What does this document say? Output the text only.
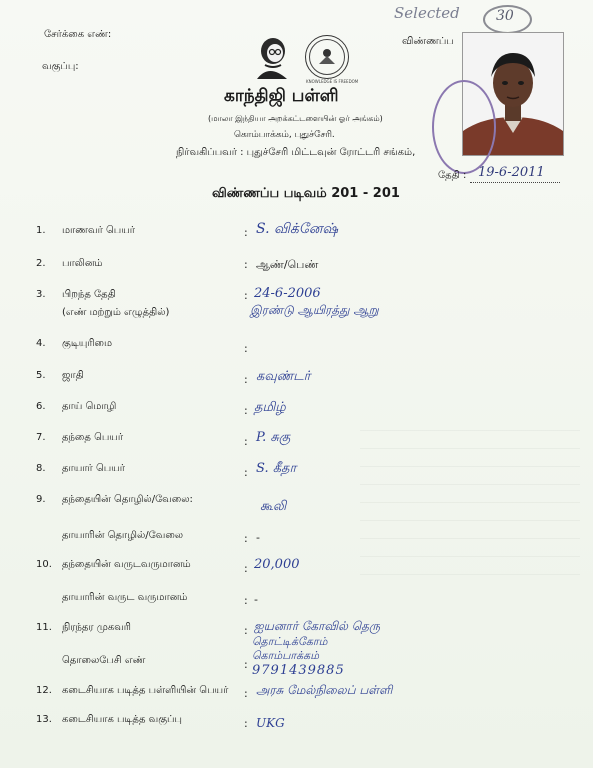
சேர்க்கை எண்:
வகுப்பு:
Selected	30
விண்ணப்ப
KNOWLEDGE IS FREEDOM
காந்திஜி பள்ளி
(மாலா இந்தியா அறக்கட்டளையின் ஓர் அங்கம்)
கொம்பாக்கம், புதுச்சேரி.
நிர்வகிப்பவர் : புதுச்சேரி மிட்டவுன் ரோட்டரி சங்கம்,
தேதி : 19-6-2011
விண்ணப்ப படிவம் 201 - 201
1. மாணவர் பெயர்	: S. விக்னேஷ்
2. பாலினம்	: ஆண்/பெண்
3. பிறந்த தேதி
(எண் மற்றும் எழுத்தில்)
: 24-6-2006
இரண்டு ஆயிரத்து ஆறு
4. குடியுரிமை	:
5. ஜாதி	: கவுண்டர்
6. தாய் மொழி	: தமிழ்
7. தந்தை பெயர்	: P. சுகு
8. தாயார் பெயர்	: S. கீதா
9. தந்தையின் தொழில்/வேலை:	கூலி
தாயாரின் தொழில்/வேலை	: -
10. தந்தையின் வருடவருமானம்	: 20,000
தாயாரின் வருட வருமானம்	: -
11. நிரந்தர முகவரி	: ஐயனார் கோவில் தெரு
தொட்டிக்கோம்
கொம்பாக்கம்
தொலைபேசி எண்	: 9791439885
12. கடைசியாக படித்த பள்ளியின் பெயர் : அரசு மேல்நிலைப் பள்ளி
13. கடைசியாக படித்த வகுப்பு	: UKG
